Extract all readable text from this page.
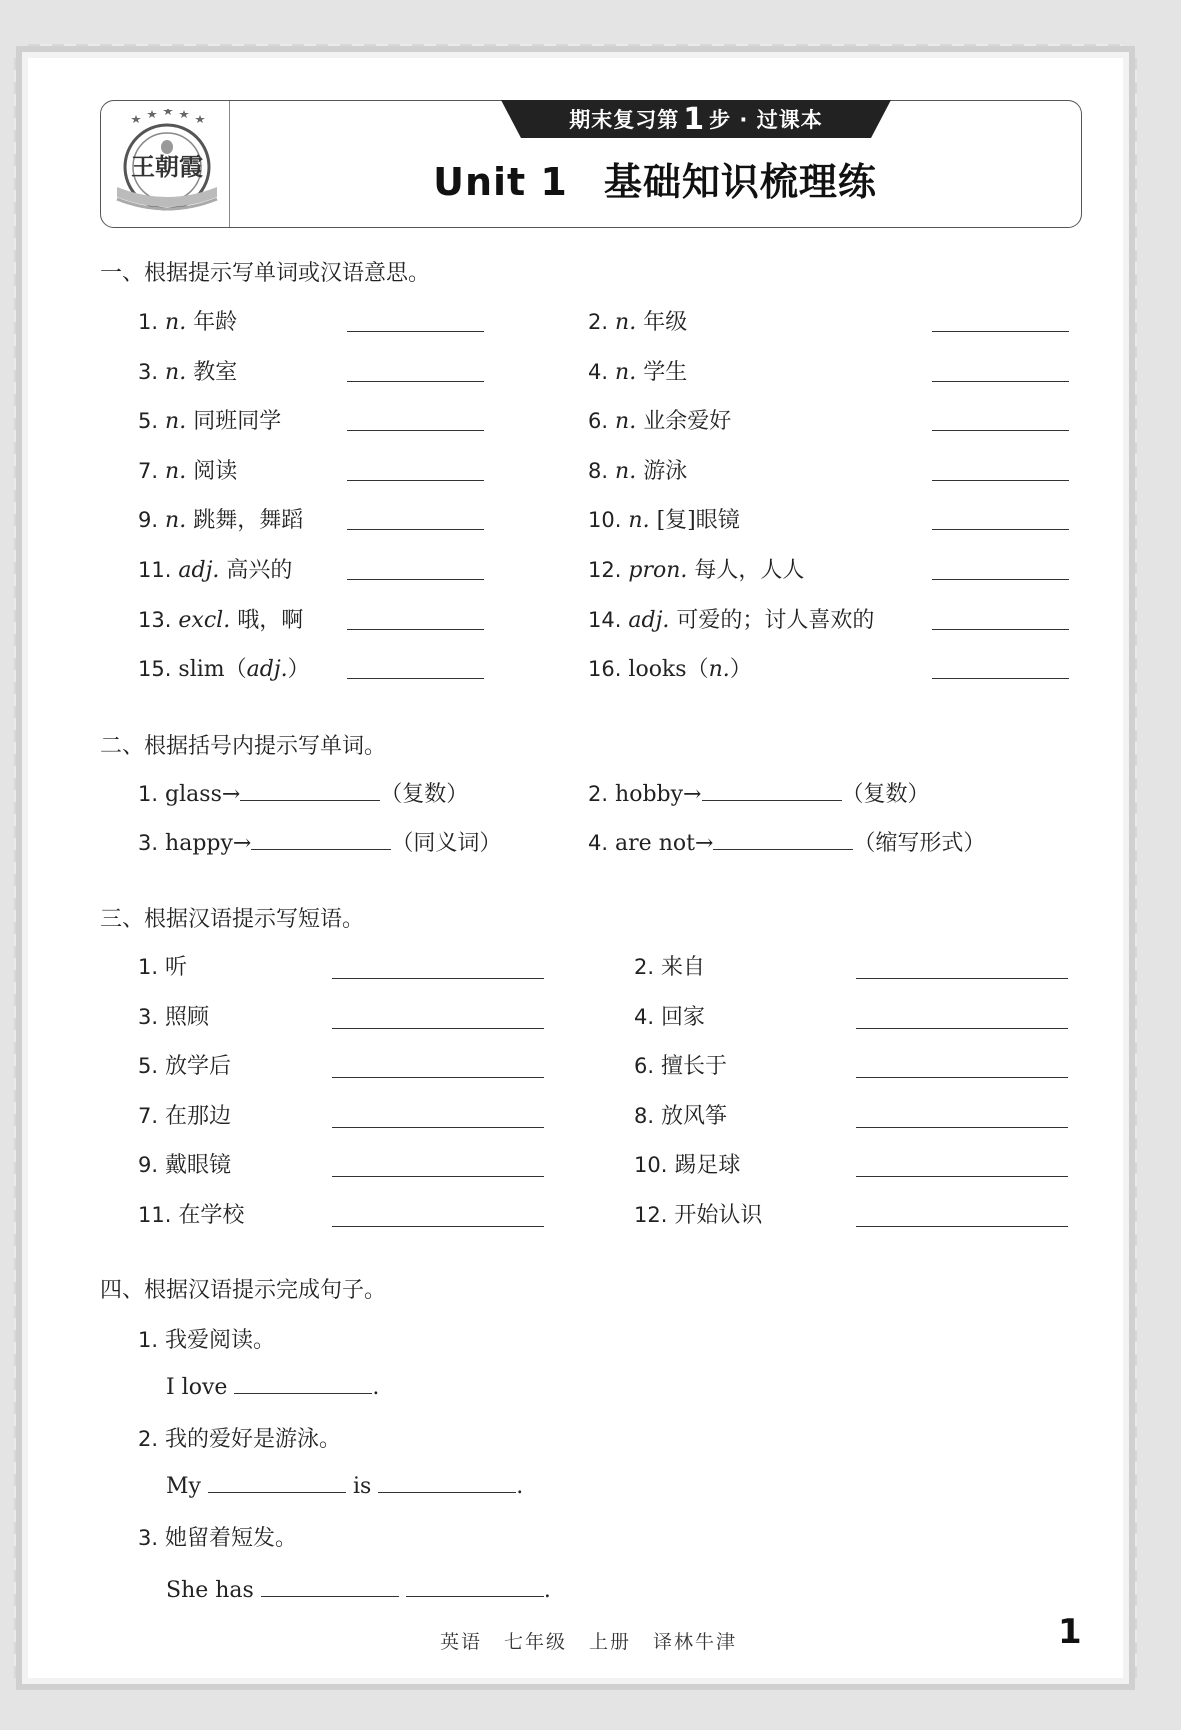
王朝霞
期末复习第 1 步 · 过课本
Unit 1 基础知识梳理练
一、根据提示写单词或汉语意思。
1. n. 年龄	2. n. 年级
3. n. 教室	4. n. 学生
5. n. 同班同学	6. n. 业余爱好
7. n. 阅读	8. n. 游泳
9. n. 跳舞，舞蹈	10. n. [复]眼镜
11. adj. 高兴的	12. pron. 每人，人人
13. excl. 哦，啊	14. adj. 可爱的；讨人喜欢的
15. slim（adj.）	16. looks（n.）
二、根据括号内提示写单词。
1. glass→	（复数）	2. hobby→	（复数）
3. happy→	（同义词）	4. are not→	（缩写形式）
三、根据汉语提示写短语。
1. 听	2. 来自
3. 照顾	4. 回家
5. 放学后	6. 擅长于
7. 在那边	8. 放风筝
9. 戴眼镜	10. 踢足球
11. 在学校	12. 开始认识
四、根据汉语提示完成句子。
1. 我爱阅读。
I love	.
2. 我的爱好是游泳。
My	is	.
3. 她留着短发。
She has	.
英语 七年级 上册 译林牛津	1
